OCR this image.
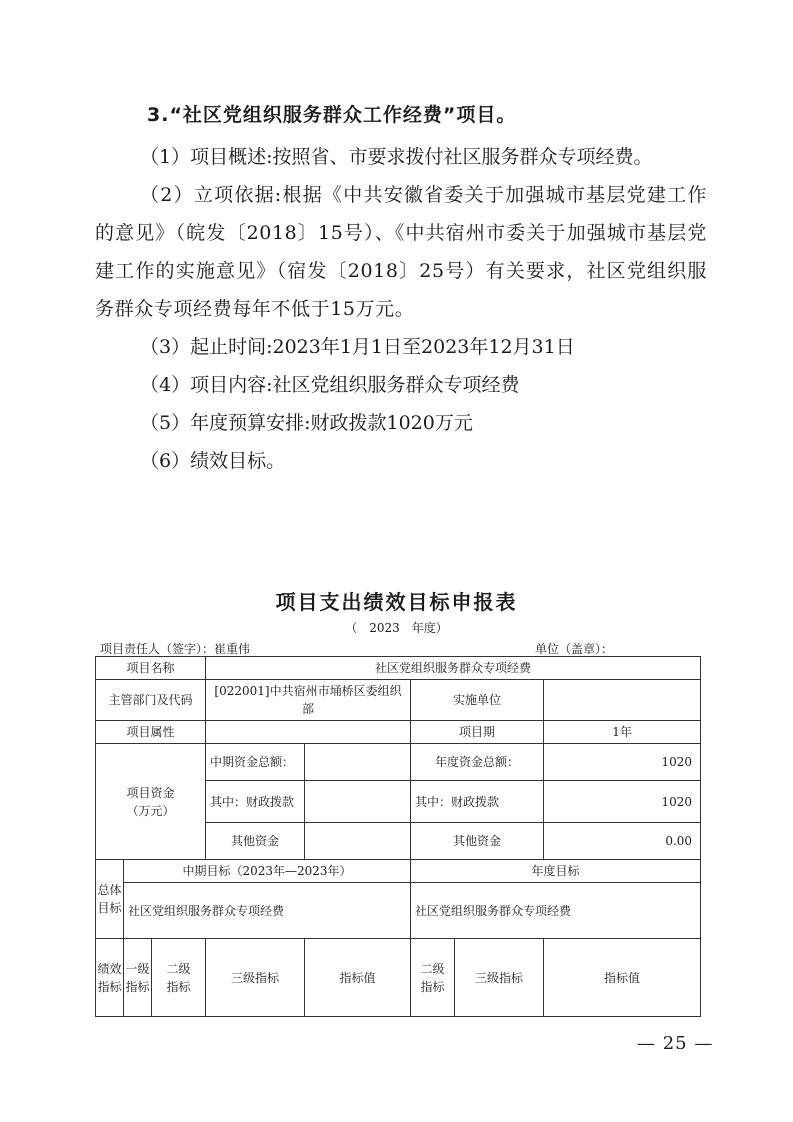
3.“社区党组织服务群众工作经费”项目。

（1）项目概述:按照省、市要求拨付社区服务群众专项经费。

（2）立项依据:根据《中共安徽省委关于加强城市基层党建工作的意见》（皖发〔2018〕15号）、《中共宿州市委关于加强城市基层党建工作的实施意见》（宿发〔2018〕25号）有关要求，社区党组织服务群众专项经费每年不低于15万元。

（3）起止时间:2023年1月1日至2023年12月31日

（4）项目内容:社区党组织服务群众专项经费

（5）年度预算安排:财政拨款1020万元

（6）绩效目标。

项目支出绩效目标申报表
（　2023　年度）
项目责任人（签字）：崔重伟	单位（盖章）：
项目名称			社区党组织服务群众专项经费				
主管部门及代码			[022001]中共宿州市埇桥区委组织部		实施单位		
项目属性					项目期		1年
项目资金（万元）			中期资金总额：		年度资金总额：		1020
			其中：财政拨款		其中：财政拨款		1020
			其他资金		其他资金		0.00
总体目标	中期目标（2023年—2023年）				年度目标		
	社区党组织服务群众专项经费				社区党组织服务群众专项经费		
绩效指标	一级指标	二级指标	三级指标	指标值	二级指标	三级指标	指标值
— 25 —
